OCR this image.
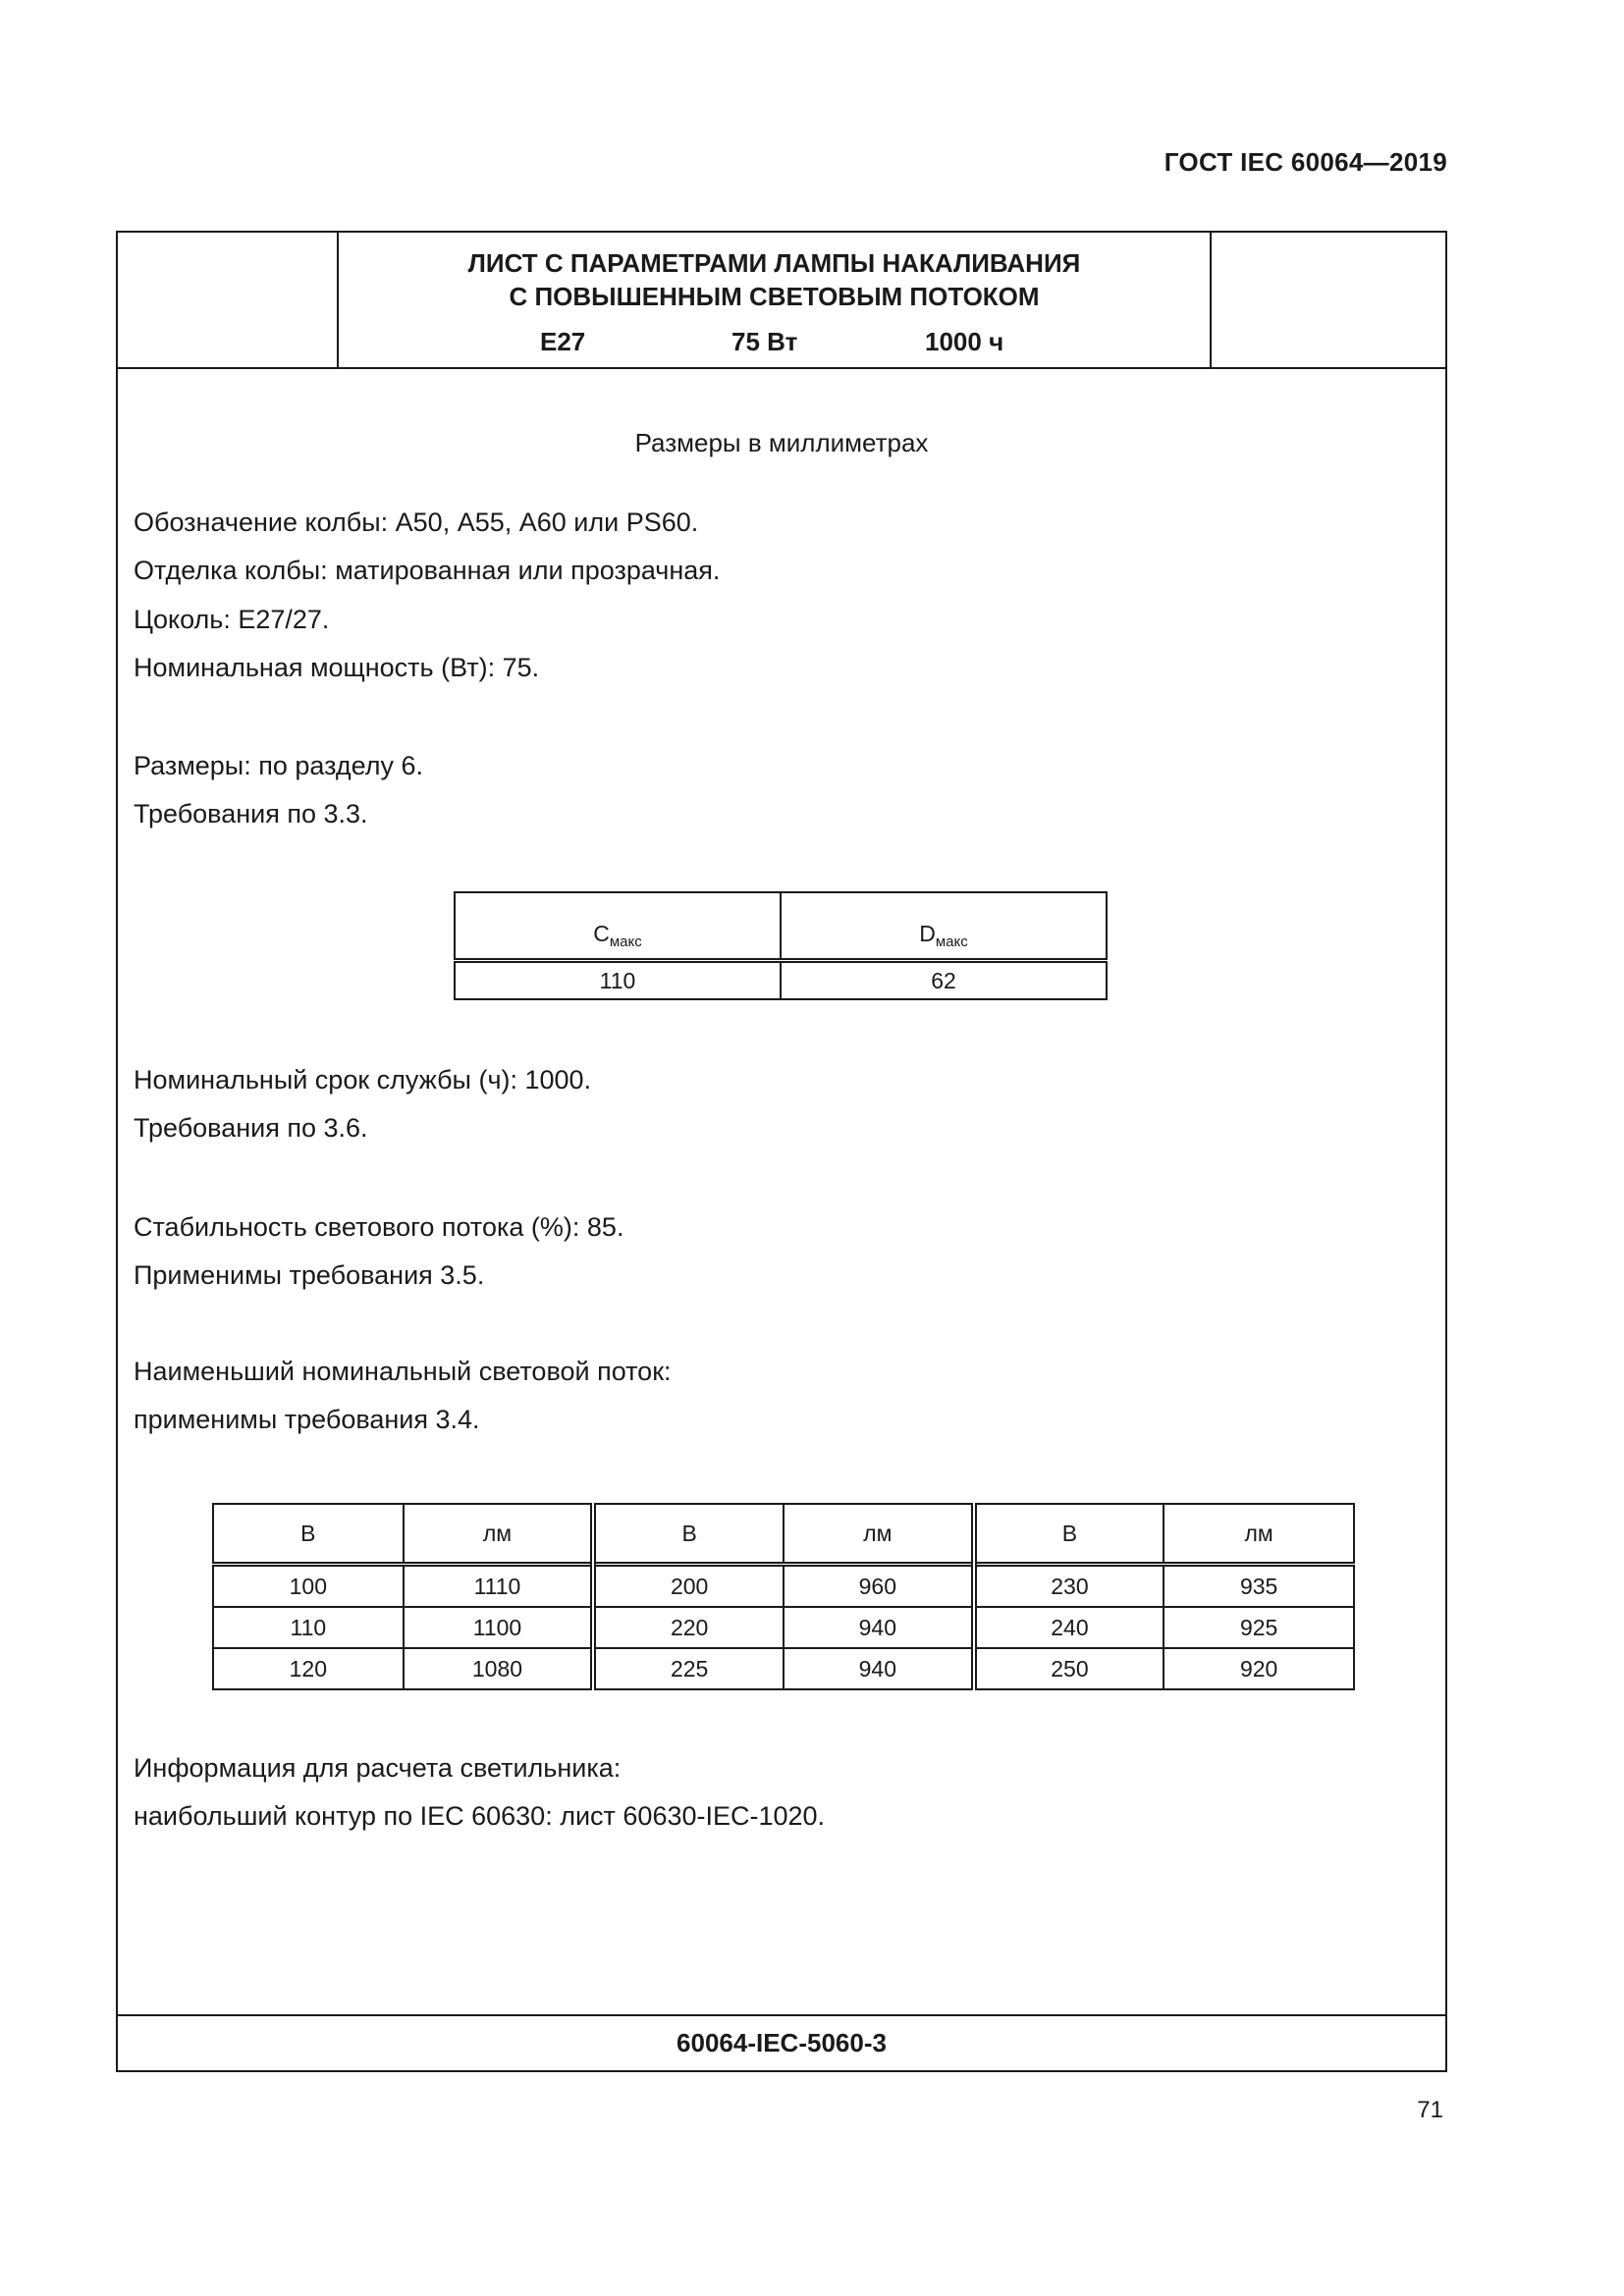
ГОСТ IEC 60064—2019
ЛИСТ С ПАРАМЕТРАМИ ЛАМПЫ НАКАЛИВАНИЯ
С ПОВЫШЕННЫМ СВЕТОВЫМ ПОТОКОМ
E27	75 Вт	1000 ч
Размеры в миллиметрах
Обозначение колбы: А50, А55, А60 или PS60.
Отделка колбы: матированная или прозрачная.
Цоколь: Е27/27.
Номинальная мощность (Вт): 75.
Размеры: по разделу 6.
Требования по 3.3.
$C_{макс}$	$D_{макс}$
110	62
Номинальный срок службы (ч): 1000.
Требования по 3.6.
Стабильность светового потока (%): 85.
Применимы требования 3.5.
Наименьший номинальный световой поток:
применимы требования 3.4.
В	лм	В	лм	В	лм
100	1110	200	960	230	935
110	1100	220	940	240	925
120	1080	225	940	250	920
Информация для расчета светильника:
наибольший контур по IEC 60630: лист 60630-IEC-1020.
60064-IEC-5060-3
71
